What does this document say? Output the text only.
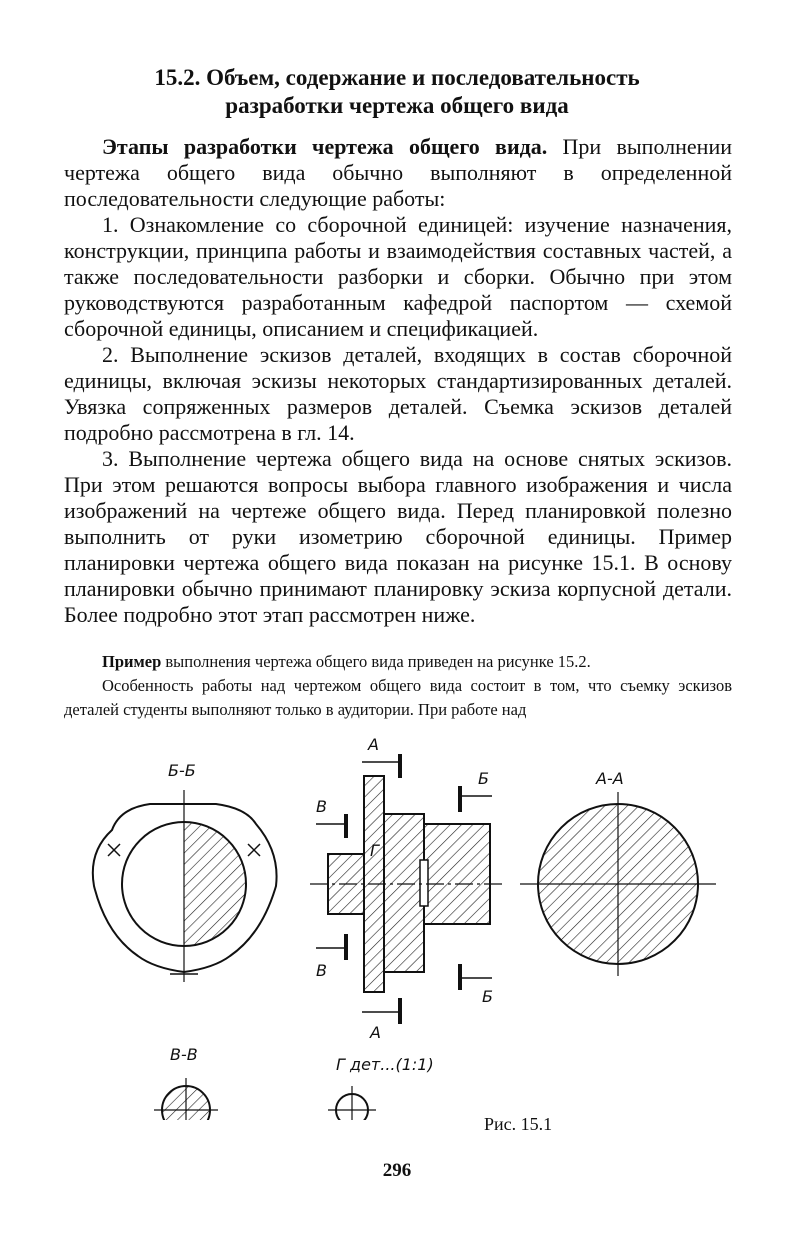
15.2. Объем, содержание и последовательность
разработки чертежа общего вида

Этапы разработки чертежа общего вида. При выполнении чертежа общего вида обычно выполняют в определенной последовательности следующие работы:

1. Ознакомление со сборочной единицей: изучение назначения, конструкции, принципа работы и взаимодействия составных частей, а также последовательности разборки и сборки. Обычно при этом руководствуются разработанным кафедрой паспортом — схемой сборочной единицы, описанием и спецификацией.

2. Выполнение эскизов деталей, входящих в состав сборочной единицы, включая эскизы некоторых стандартизированных деталей. Увязка сопряженных размеров деталей. Съемка эскизов деталей подробно рассмотрена в гл. 14.

3. Выполнение чертежа общего вида на основе снятых эскизов. При этом решаются вопросы выбора главного изображения и числа изображений на чертеже общего вида. Перед планировкой полезно выполнить от руки изометрию сборочной единицы. Пример планировки чертежа общего вида показан на рисунке 15.1. В основу планировки обычно принимают планировку эскиза корпусной детали. Более подробно этот этап рассмотрен ниже.

Пример выполнения чертежа общего вида приведен на рисунке 15.2.

Особенность работы над чертежом общего вида состоит в том, что съемку эскизов деталей студенты выполняют только в аудитории. При работе над

Б-Б
А
Б
В
Г
В
Б
А
А-А
В-В
Г дет...(1:1)
Рис. 15.1
296
